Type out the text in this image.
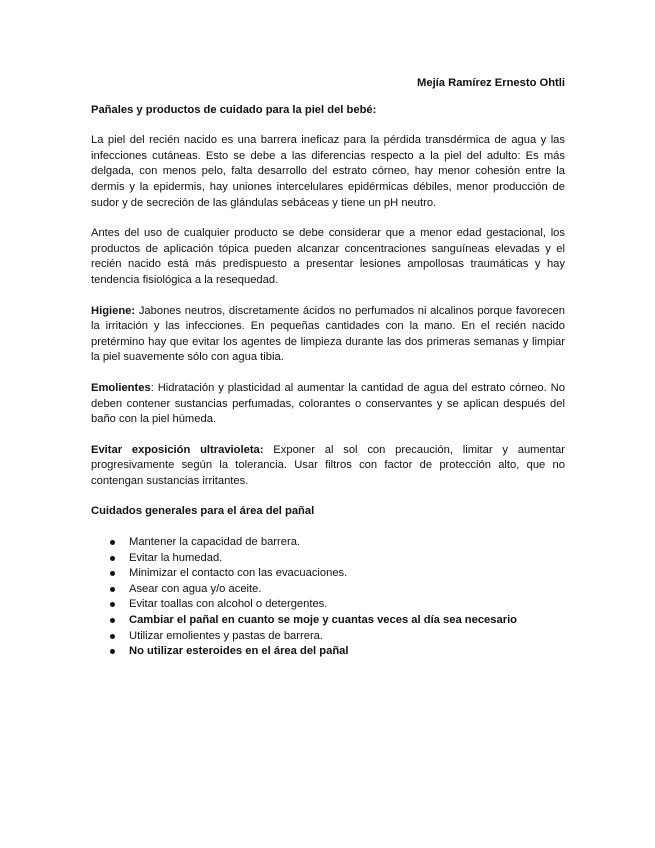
Mejía Ramírez Ernesto Ohtli

Pañales y productos de cuidado para la piel del bebé:

La piel del recién nacido es una barrera ineficaz para la pérdida transdérmica de agua y las infecciones cutáneas. Esto se debe a las diferencias respecto a la piel del adulto: Es más delgada, con menos pelo, falta desarrollo del estrato córneo, hay menor cohesión entre la dermis y la epidermis, hay uniones intercelulares epidérmicas débiles, menor producción de sudor y de secreción de las glándulas sebáceas y tiene un pH neutro.

Antes del uso de cualquier producto se debe considerar que a menor edad gestacional, los productos de aplicación tópica pueden alcanzar concentraciones sanguíneas elevadas y el recién nacido está más predispuesto a presentar lesiones ampollosas traumáticas y hay tendencia fisiológica a la resequedad.

Higiene: Jabones neutros, discretamente ácidos no perfumados ni alcalinos porque favorecen la irritación y las infecciones. En pequeñas cantidades con la mano. En el recién nacido pretérmino hay que evitar los agentes de limpieza durante las dos primeras semanas y limpiar la piel suavemente sólo con agua tibia.

Emolientes: Hidratación y plasticidad al aumentar la cantidad de agua del estrato córneo. No deben contener sustancias perfumadas, colorantes o conservantes y se aplican después del baño con la piel húmeda.

Evitar exposición ultravioleta: Exponer al sol con precaución, limitar y aumentar progresivamente según la tolerancia. Usar filtros con factor de protección alto, que no contengan sustancias irritantes.

Cuidados generales para el área del pañal

Mantener la capacidad de barrera.
Evitar la humedad.
Minimizar el contacto con las evacuaciones.
Asear con agua y/o aceite.
Evitar toallas con alcohol o detergentes.
Cambiar el pañal en cuanto se moje y cuantas veces al día sea necesario
Utilizar emolientes y pastas de barrera.
No utilizar esteroides en el área del pañal
